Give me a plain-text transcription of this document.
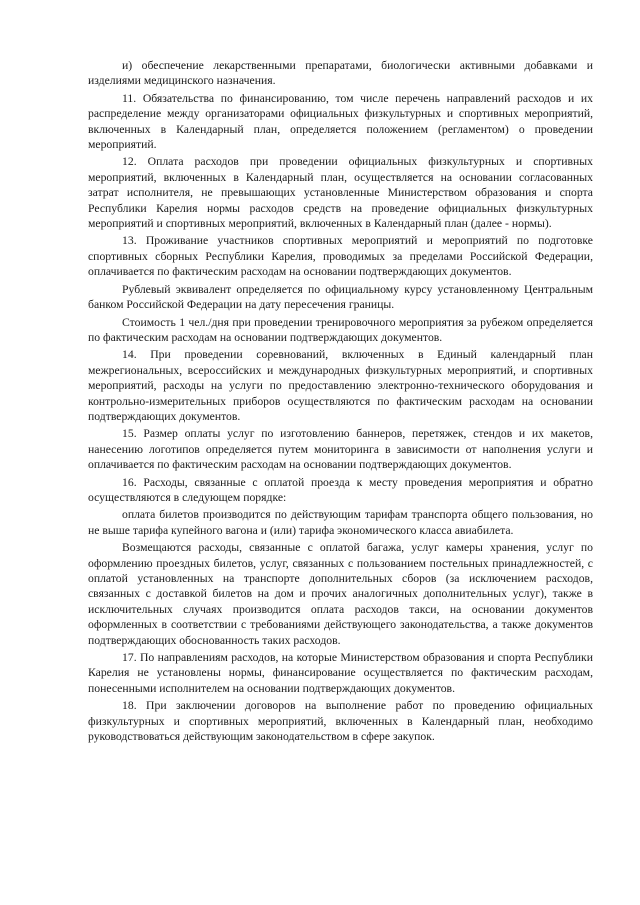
и) обеспечение лекарственными препаратами, биологически активными добавками и изделиями медицинского назначения.

11. Обязательства по финансированию, том числе перечень направлений расходов и их распределение между организаторами официальных физкультурных и спортивных мероприятий, включенных в Календарный план, определяется положением (регламентом) о проведении мероприятий.

12. Оплата расходов при проведении официальных физкультурных и спортивных мероприятий, включенных в Календарный план, осуществляется на основании согласованных затрат исполнителя, не превышающих установленные Министерством образования и спорта Республики Карелия нормы расходов средств на проведение официальных физкультурных мероприятий и спортивных мероприятий, включенных в Календарный план (далее - нормы).

13. Проживание участников спортивных мероприятий и мероприятий по подготовке спортивных сборных Республики Карелия, проводимых за пределами Российской Федерации, оплачивается по фактическим расходам на основании подтверждающих документов.

Рублевый эквивалент определяется по официальному курсу установленному Центральным банком Российской Федерации на дату пересечения границы.

Стоимость 1 чел./дня при проведении тренировочного мероприятия за рубежом определяется по фактическим расходам на основании подтверждающих документов.

14. При проведении соревнований, включенных в Единый календарный план межрегиональных, всероссийских и международных физкультурных мероприятий, и спортивных мероприятий, расходы на услуги по предоставлению электронно-технического оборудования и контрольно-измерительных приборов осуществляются по фактическим расходам на основании подтверждающих документов.

15. Размер оплаты услуг по изготовлению баннеров, перетяжек, стендов и их макетов, нанесению логотипов определяется путем мониторинга в зависимости от наполнения услуги и оплачивается по фактическим расходам на основании подтверждающих документов.

16. Расходы, связанные с оплатой проезда к месту проведения мероприятия и обратно осуществляются в следующем порядке:

оплата билетов производится по действующим тарифам транспорта общего пользования, но не выше тарифа купейного вагона и (или) тарифа экономического класса авиабилета.

Возмещаются расходы, связанные с оплатой багажа, услуг камеры хранения, услуг по оформлению проездных билетов, услуг, связанных с пользованием постельных принадлежностей, с оплатой установленных на транспорте дополнительных сборов (за исключением расходов, связанных с доставкой билетов на дом и прочих аналогичных дополнительных услуг), также в исключительных случаях производится оплата расходов такси, на основании документов оформленных в соответствии с требованиями действующего законодательства, а также документов подтверждающих обоснованность таких расходов.

17. По направлениям расходов, на которые Министерством образования и спорта Республики Карелия не установлены нормы, финансирование осуществляется по фактическим расходам, понесенными исполнителем на основании подтверждающих документов.

18. При заключении договоров на выполнение работ по проведению официальных физкультурных и спортивных мероприятий, включенных в Календарный план, необходимо руководствоваться действующим законодательством в сфере закупок.
